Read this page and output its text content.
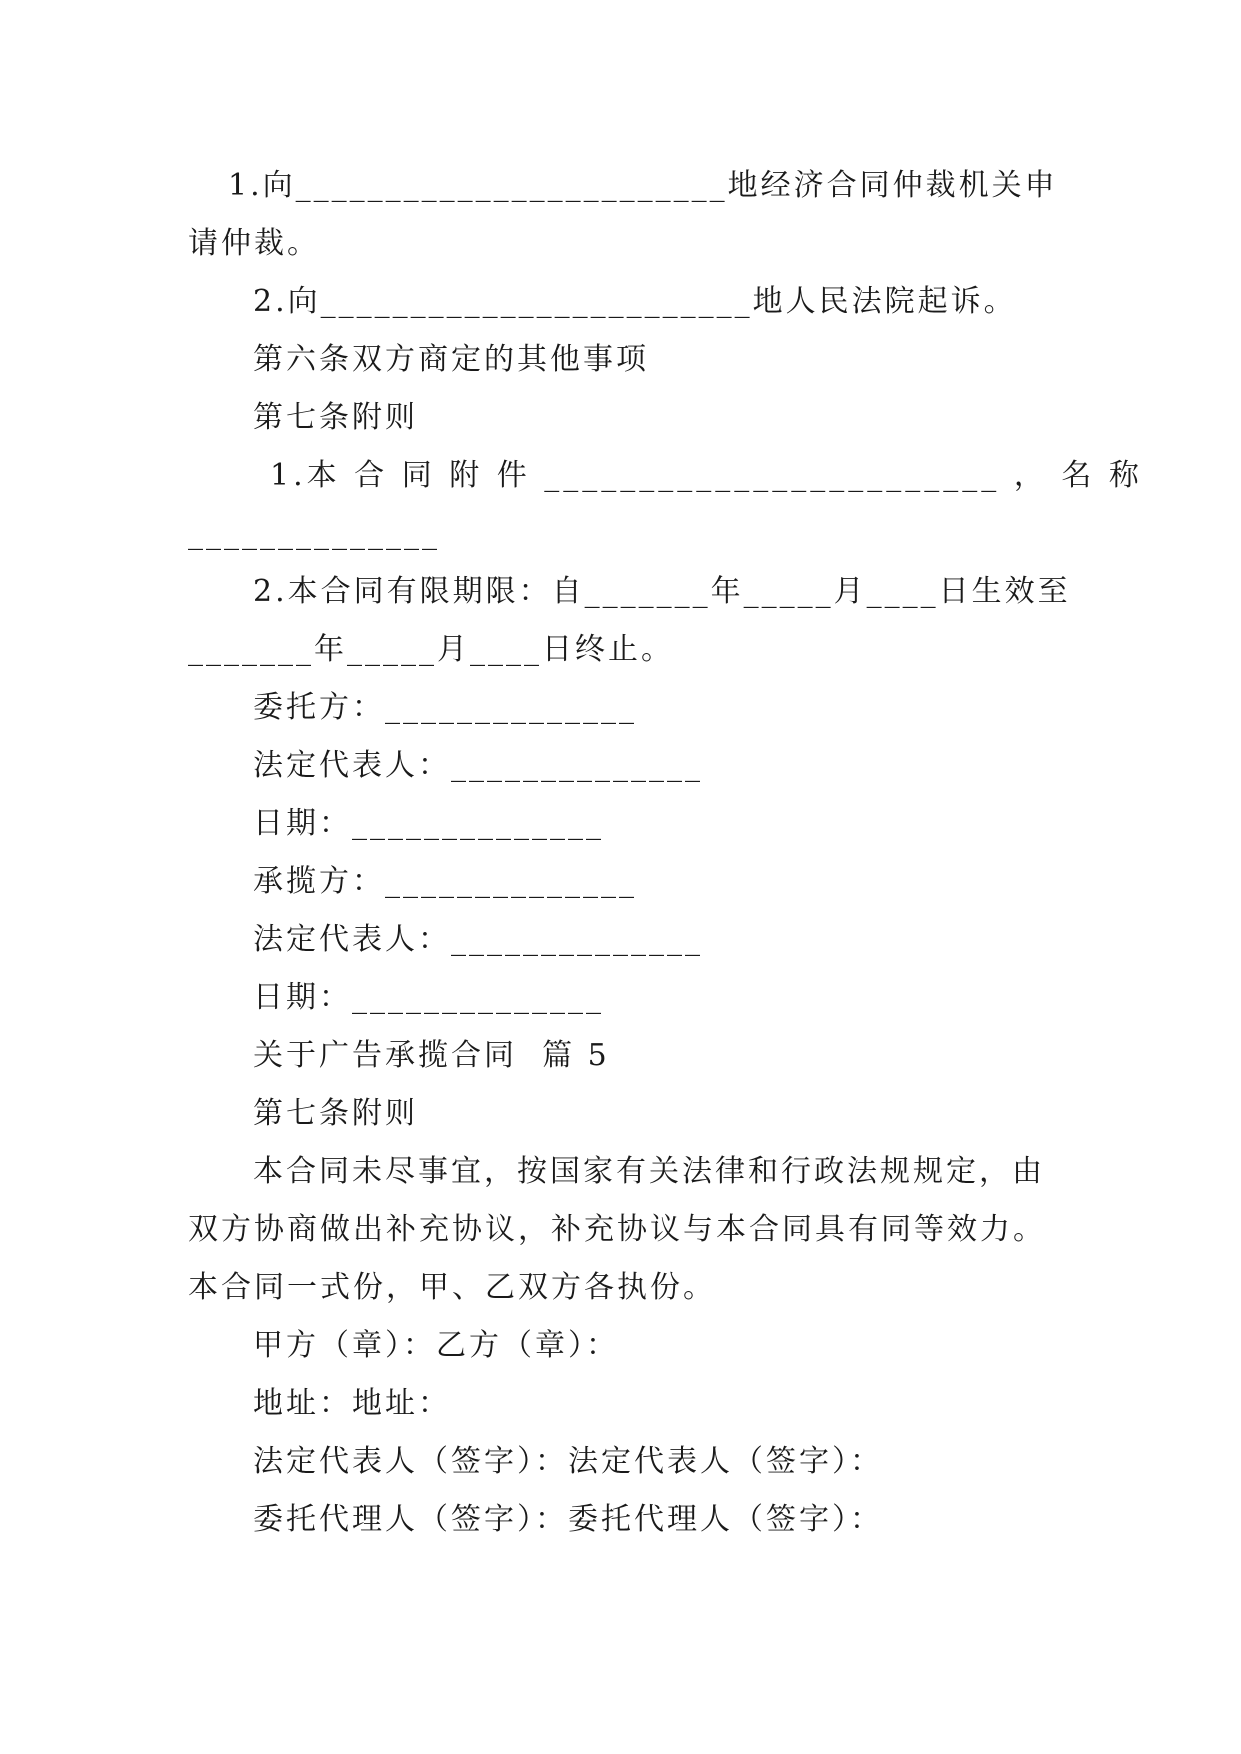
1.向________________________地经济合同仲裁机关申
请仲裁。
2.向________________________地人民法院起诉。
第六条双方商定的其他事项
第七条附则
1.本 合 同 附 件 ________________________ ， 名 称
______________
2.本合同有限期限：自_______年_____月____日生效至
_______年_____月____日终止。
委托方：______________
法定代表人：______________
日期：______________
承揽方：______________
法定代表人：______________
日期：______________
关于广告承揽合同  篇 5
第七条附则
本合同未尽事宜，按国家有关法律和行政法规规定，由
双方协商做出补充协议，补充协议与本合同具有同等效力。
本合同一式份，甲、乙双方各执份。
甲方（章）：乙方（章）：
地址：地址：
法定代表人（签字）：法定代表人（签字）：
委托代理人（签字）：委托代理人（签字）：
